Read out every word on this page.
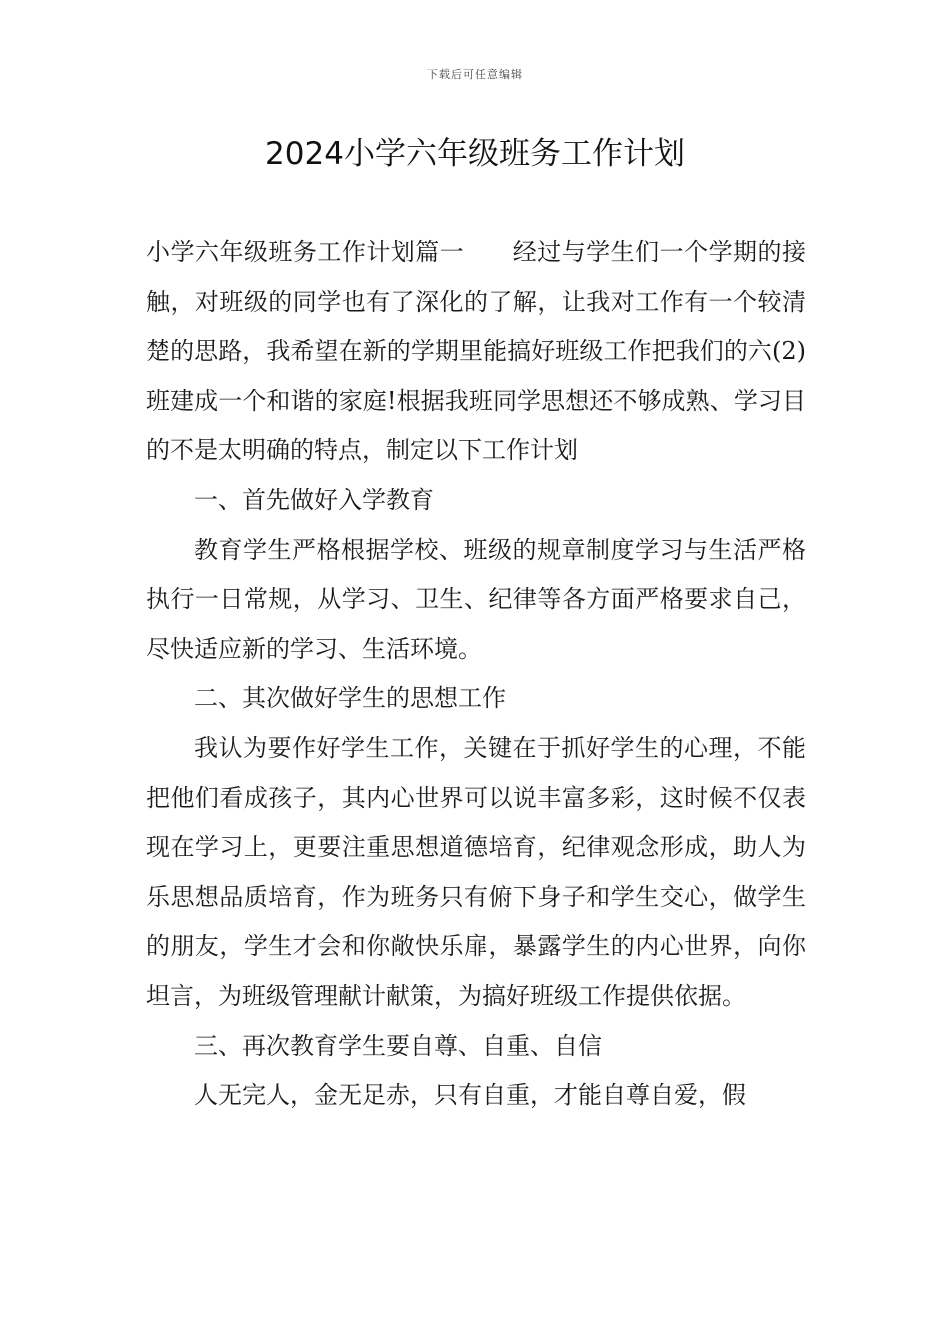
下载后可任意编辑
2024小学六年级班务工作计划

小学六年级班务工作计划篇一 经过与学生们一个学期的接触，对班级的同学也有了深化的了解，让我对工作有一个较清楚的思路，我希望在新的学期里能搞好班级工作把我们的六(2)班建成一个和谐的家庭!根据我班同学思想还不够成熟、学习目的不是太明确的特点，制定以下工作计划

一、首先做好入学教育

教育学生严格根据学校、班级的规章制度学习与生活严格执行一日常规，从学习、卫生、纪律等各方面严格要求自己，尽快适应新的学习、生活环境。

二、其次做好学生的思想工作

我认为要作好学生工作，关键在于抓好学生的心理，不能把他们看成孩子，其内心世界可以说丰富多彩，这时候不仅表现在学习上，更要注重思想道德培育，纪律观念形成，助人为乐思想品质培育，作为班务只有俯下身子和学生交心，做学生的朋友，学生才会和你敞快乐扉，暴露学生的内心世界，向你坦言，为班级管理献计献策，为搞好班级工作提供依据。

三、再次教育学生要自尊、自重、自信

人无完人，金无足赤，只有自重，才能自尊自爱，假
